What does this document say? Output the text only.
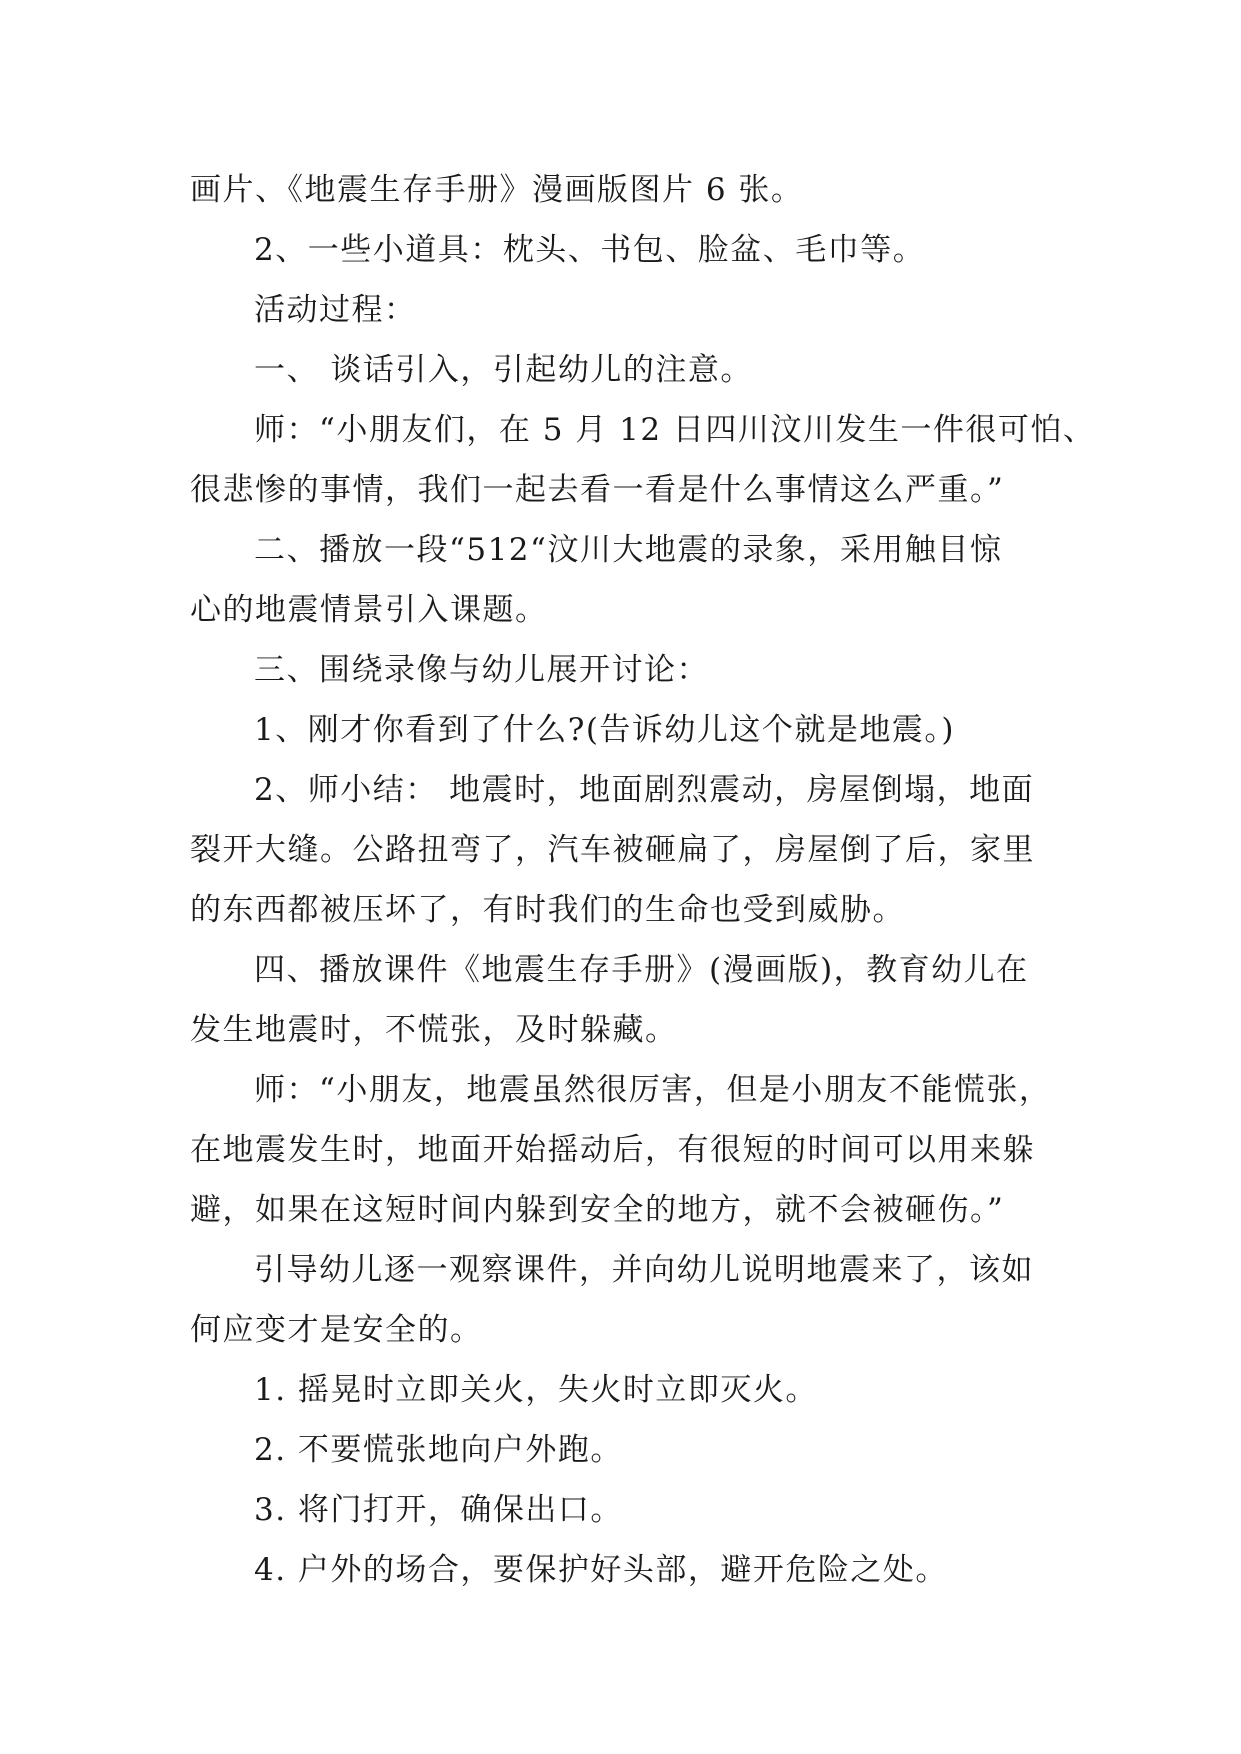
画片、《地震生存手册》漫画版图片 6 张。
2、一些小道具：枕头、书包、脸盆、毛巾等。
活动过程：
一、 谈话引入，引起幼儿的注意。
师：“小朋友们，在 5 月 12 日四川汶川发生一件很可怕、
很悲惨的事情，我们一起去看一看是什么事情这么严重。”
二、播放一段“512“汶川大地震的录象，采用触目惊
心的地震情景引入课题。
三、围绕录像与幼儿展开讨论：
1、刚才你看到了什么?(告诉幼儿这个就是地震。)
2、师小结： 地震时，地面剧烈震动，房屋倒塌，地面
裂开大缝。公路扭弯了，汽车被砸扁了，房屋倒了后，家里
的东西都被压坏了，有时我们的生命也受到威胁。
四、播放课件《地震生存手册》(漫画版)，教育幼儿在
发生地震时，不慌张，及时躲藏。
师：“小朋友，地震虽然很厉害，但是小朋友不能慌张，
在地震发生时，地面开始摇动后，有很短的时间可以用来躲
避，如果在这短时间内躲到安全的地方，就不会被砸伤。”
引导幼儿逐一观察课件，并向幼儿说明地震来了，该如
何应变才是安全的。
1. 摇晃时立即关火，失火时立即灭火。
2. 不要慌张地向户外跑。
3. 将门打开，确保出口。
4. 户外的场合，要保护好头部，避开危险之处。
